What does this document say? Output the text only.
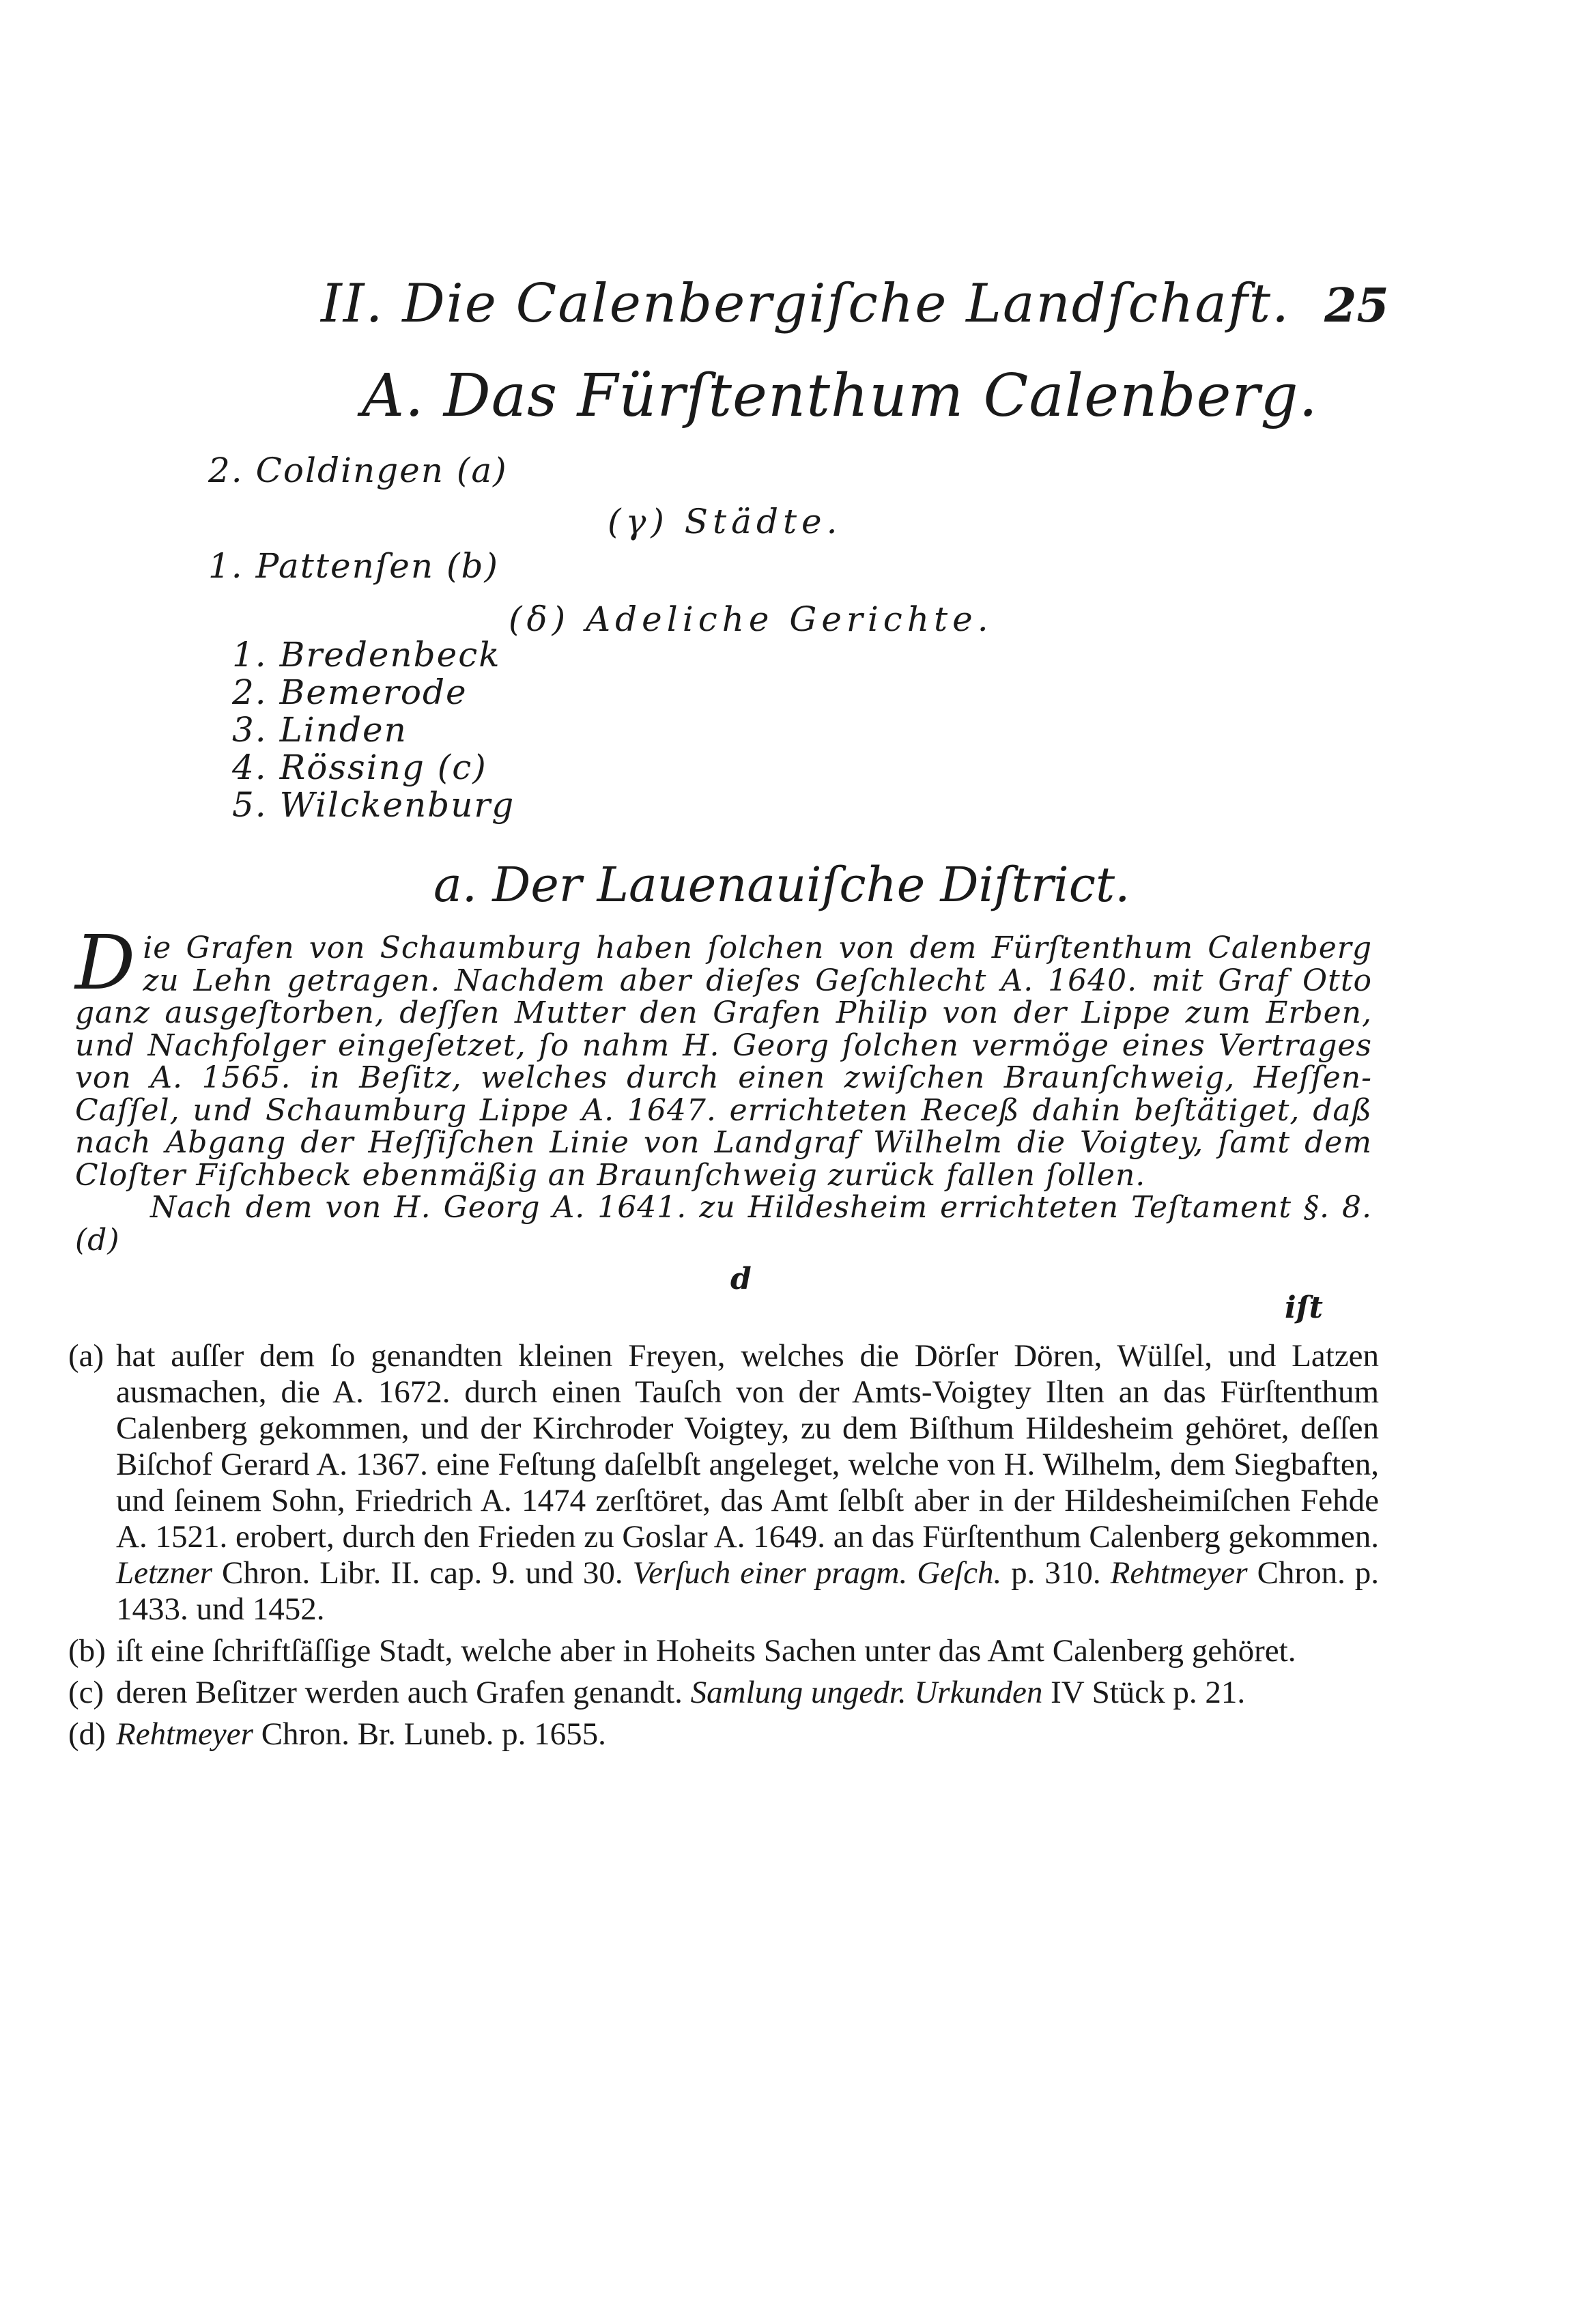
II. Die Calenbergiſche Landſchaft. 25
A. Das Fürſtenthum Calenberg.
2. Coldingen (a)
(γ) Städte.
1. Pattenſen (b)
(δ) Adeliche Gerichte.
1. Bredenbeck
2. Bemerode
3. Linden
4. Rössing (c)
5. Wilckenburg
a. Der Lauenauiſche Diſtrict.
Die Grafen von Schaumburg haben ſolchen von dem Fürſtenthum Calenberg zu Lehn getragen. Nachdem aber dieſes Geſchlecht A. 1640. mit Graf Otto ganz ausgeſtorben, deſſen Mutter den Grafen Philip von der Lippe zum Erben, und Nachfolger eingeſetzet, ſo nahm H. Georg ſolchen vermöge eines Vertrages von A. 1565. in Beſitz, welches durch einen zwiſchen Braunſchweig, Heſſen-Caſſel, und Schaumburg Lippe A. 1647. errichteten Receß dahin beſtätiget, daß nach Abgang der Heſſiſchen Linie von Landgraf Wilhelm die Voigtey, ſamt dem Cloſter Fiſchbeck ebenmäßig an Braunſchweig zurück fallen ſollen.
Nach dem von H. Georg A. 1641. zu Hildesheim errichteten Teſtament §. 8. (d)
d
iſt
(a) hat auſſer dem ſo genandten kleinen Freyen, welches die Dörſer Dören, Wülſel, und Latzen ausmachen, die A. 1672. durch einen Tauſch von der Amts-Voigtey Ilten an das Fürſtenthum Calenberg gekommen, und der Kirchroder Voigtey, zu dem Biſthum Hildesheim gehöret, deſſen Biſchof Gerard A. 1367. eine Feſtung daſelbſt angeleget, welche von H. Wilhelm, dem Siegbaften, und ſeinem Sohn, Friedrich A. 1474 zerſtöret, das Amt ſelbſt aber in der Hildesheimiſchen Fehde A. 1521. erobert, durch den Frieden zu Goslar A. 1649. an das Fürſtenthum Calenberg gekommen. Letzner Chron. Libr. II. cap. 9. und 30. Verſuch einer pragm. Geſch. p. 310. Rehtmeyer Chron. p. 1433. und 1452.
(b) iſt eine ſchriftſäſſige Stadt, welche aber in Hoheits Sachen unter das Amt Calenberg gehöret.
(c) deren Beſitzer werden auch Grafen genandt. Samlung ungedr. Urkunden IV Stück p. 21.
(d) Rehtmeyer Chron. Br. Luneb. p. 1655.
